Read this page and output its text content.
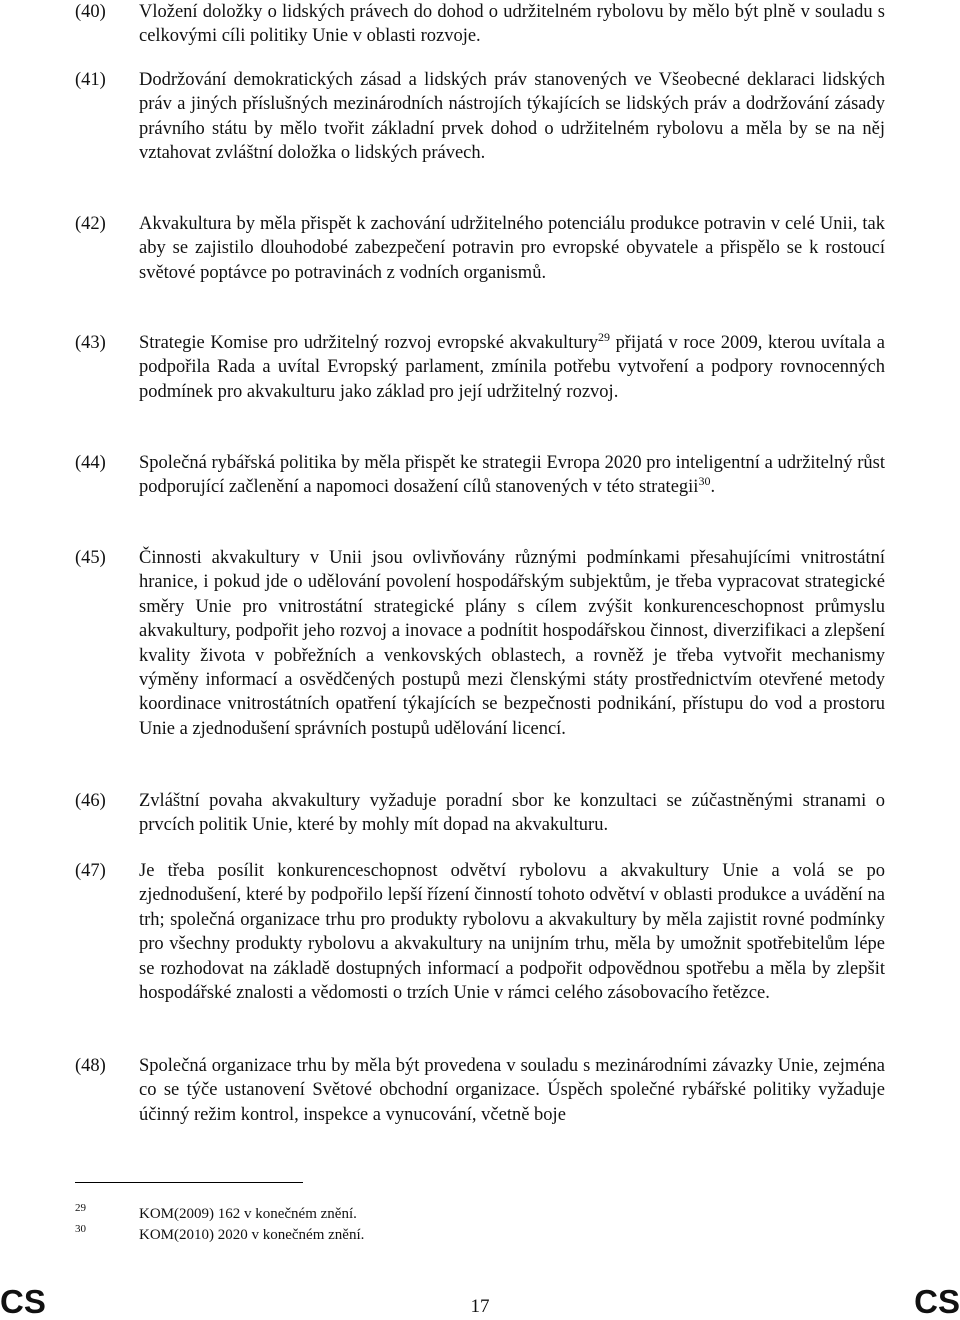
(40)	Vložení doložky o lidských právech do dohod o udržitelném rybolovu by mělo být plně v souladu s celkovými cíli politiky Unie v oblasti rozvoje.
(41)	Dodržování demokratických zásad a lidských práv stanovených ve Všeobecné deklaraci lidských práv a jiných příslušných mezinárodních nástrojích týkajících se lidských práv a dodržování zásady právního státu by mělo tvořit základní prvek dohod o udržitelném rybolovu a měla by se na něj vztahovat zvláštní doložka o lidských právech.
(42)	Akvakultura by měla přispět k zachování udržitelného potenciálu produkce potravin v celé Unii, tak aby se zajistilo dlouhodobé zabezpečení potravin pro evropské obyvatele a přispělo se k rostoucí světové poptávce po potravinách z vodních organismů.
(43)	Strategie Komise pro udržitelný rozvoj evropské akvakultury$^{29}$ přijatá v roce 2009, kterou uvítala a podpořila Rada a uvítal Evropský parlament, zmínila potřebu vytvoření a podpory rovnocenných podmínek pro akvakulturu jako základ pro její udržitelný rozvoj.
(44)	Společná rybářská politika by měla přispět ke strategii Evropa 2020 pro inteligentní a udržitelný růst podporující začlenění a napomoci dosažení cílů stanovených v této strategii$^{30}$.
(45)	Činnosti akvakultury v Unii jsou ovlivňovány různými podmínkami přesahujícími vnitrostátní hranice, i pokud jde o udělování povolení hospodářským subjektům, je třeba vypracovat strategické směry Unie pro vnitrostátní strategické plány s cílem zvýšit konkurenceschopnost průmyslu akvakultury, podpořit jeho rozvoj a inovace a podnítit hospodářskou činnost, diverzifikaci a zlepšení kvality života v pobřežních a venkovských oblastech, a rovněž je třeba vytvořit mechanismy výměny informací a osvědčených postupů mezi členskými státy prostřednictvím otevřené metody koordinace vnitrostátních opatření týkajících se bezpečnosti podnikání, přístupu do vod a prostoru Unie a zjednodušení správních postupů udělování licencí.
(46)	Zvláštní povaha akvakultury vyžaduje poradní sbor ke konzultaci se zúčastněnými stranami o prvcích politik Unie, které by mohly mít dopad na akvakulturu.
(47)	Je třeba posílit konkurenceschopnost odvětví rybolovu a akvakultury Unie a volá se po zjednodušení, které by podpořilo lepší řízení činností tohoto odvětví v oblasti produkce a uvádění na trh; společná organizace trhu pro produkty rybolovu a akvakultury by měla zajistit rovné podmínky pro všechny produkty rybolovu a akvakultury na unijním trhu, měla by umožnit spotřebitelům lépe se rozhodovat na základě dostupných informací a podpořit odpovědnou spotřebu a měla by zlepšit hospodářské znalosti a vědomosti o trzích Unie v rámci celého zásobovacího řetězce.
(48)	Společná organizace trhu by měla být provedena v souladu s mezinárodními závazky Unie, zejména co se týče ustanovení Světové obchodní organizace. Úspěch společné rybářské politiky vyžaduje účinný režim kontrol, inspekce a vynucování, včetně boje
29	KOM(2009) 162 v konečném znění.
30	KOM(2010) 2020 v konečném znění.
CS	17	CS
